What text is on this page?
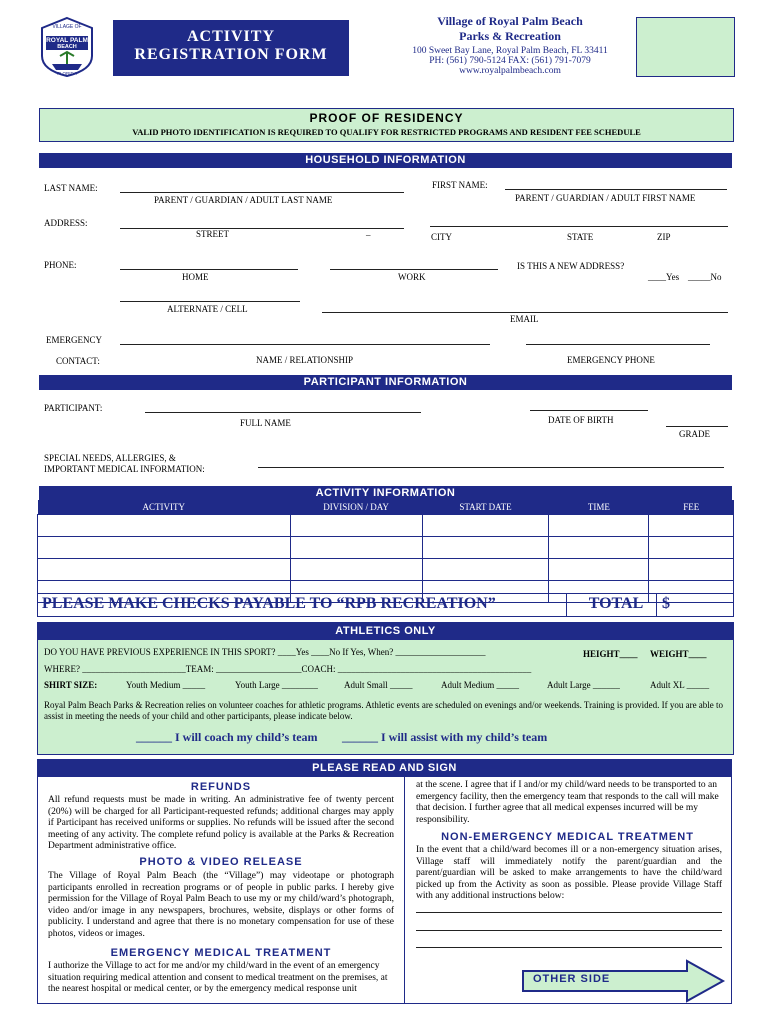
VILLAGE OF
ROYAL PALM
BEACH
FLORIDA
ACTIVITY
REGISTRATION FORM
Village of Royal Palm Beach
Parks & Recreation
100 Sweet Bay Lane, Royal Palm Beach, FL 33411
PH: (561) 790-5124 FAX: (561) 791-7079
www.royalpalmbeach.com
PROOF OF RESIDENCY
VALID PHOTO IDENTIFICATION IS REQUIRED TO QUALIFY FOR RESTRICTED PROGRAMS AND RESIDENT FEE SCHEDULE
HOUSEHOLD INFORMATION
LAST NAME:
PARENT / GUARDIAN / ADULT LAST NAME
FIRST NAME:
PARENT / GUARDIAN / ADULT FIRST NAME
ADDRESS:
STREET	–	CITY	STATE	ZIP
PHONE:
HOME	WORK
IS THIS A NEW ADDRESS?
____Yes _____No
ALTERNATE / CELL
EMAIL
EMERGENCY
CONTACT:	NAME / RELATIONSHIP	EMERGENCY PHONE
PARTICIPANT INFORMATION
PARTICIPANT:
FULL NAME	DATE OF BIRTH
GRADE
SPECIAL NEEDS, ALLERGIES, &
IMPORTANT MEDICAL INFORMATION:
ACTIVITY INFORMATION
ACTIVITY	DIVISION / DAY	START DATE	TIME	FEE

PLEASE MAKE CHECKS PAYABLE TO “RPB RECREATION”	TOTAL	$
ATHLETICS ONLY
DO YOU HAVE PREVIOUS EXPERIENCE IN THIS SPORT? ____Yes ____No If Yes, When? ____________________	HEIGHT____ WEIGHT____
WHERE? _______________________TEAM: ___________________COACH: ___________________________________________
SHIRT SIZE:	Youth Medium _____	Youth Large ________	Adult Small _____	Adult Medium _____	Adult Large ______	Adult XL _____
Royal Palm Beach Parks & Recreation relies on volunteer coaches for athletic programs. Athletic events are scheduled on evenings and/or weekends. Training is provided. If you are able to assist in meeting the needs of your child and other participants, please indicate below.
______ I will coach my child’s team ______ I will assist with my child’s team
PLEASE READ AND SIGN
REFUNDS
All refund requests must be made in writing. An administrative fee of twenty percent (20%) will be charged for all Participant-requested refunds; additional charges may apply if Participant has received uniforms or supplies. No refunds will be issued after the second meeting of any activity. The complete refund policy is available at the Parks & Recreation Department administrative office.
PHOTO & VIDEO RELEASE
The Village of Royal Palm Beach (the “Village”) may videotape or photograph participants enrolled in recreation programs or of people in public parks. I hereby give permission for the Village of Royal Palm Beach to use my or my child/ward’s photograph, video and/or image in any newspapers, brochures, website, displays or other forms of publicity. I understand and agree that there is no monetary compensation for use of these photos, videos or images.
EMERGENCY MEDICAL TREATMENT
I authorize the Village to act for me and/or my child/ward in the event of an emergency situation requiring medical attention and consent to medical treatment on the premises, at the nearest hospital or medical center, or by the emergency medical response unit
at the scene. I agree that if I and/or my child/ward needs to be transported to an emergency facility, then the emergency team that responds to the call will make that decision. I further agree that all medical expenses incurred will be my responsibility.
NON-EMERGENCY MEDICAL TREATMENT
In the event that a child/ward becomes ill or a non-emergency situation arises, Village staff will immediately notify the parent/guardian and the parent/guardian will be asked to make arrangements to have the child/ward picked up from the Activity as soon as possible. Please provide Village Staff with any additional instructions below:
OTHER SIDE
